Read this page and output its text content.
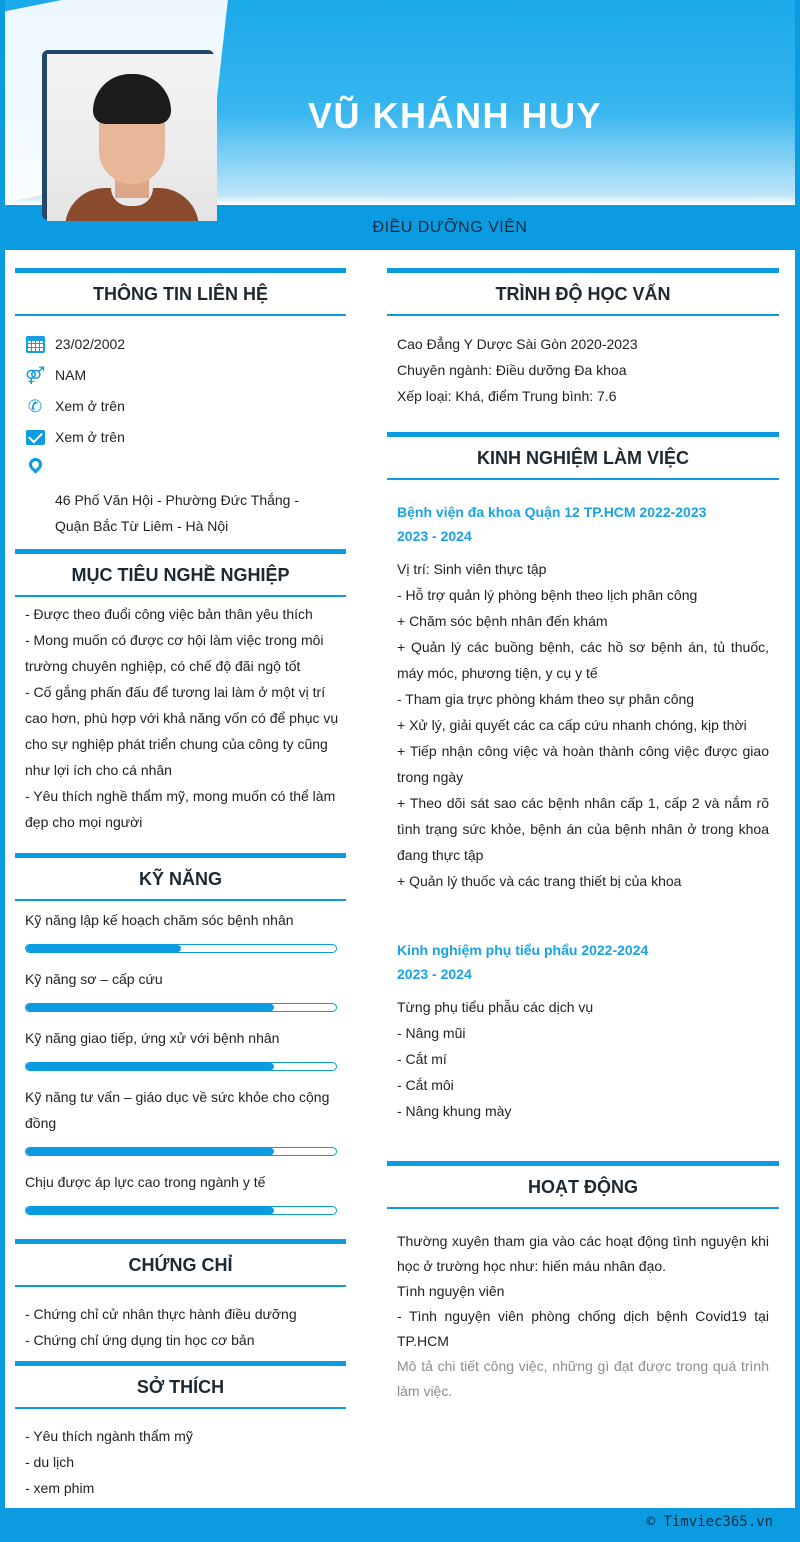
VŨ KHÁNH HUY
ĐIỀU DƯỠNG VIÊN
THÔNG TIN LIÊN HỆ
23/02/2002
⚤ NAM
✆ Xem ở trên
Xem ở trên
46 Phố Văn Hội - Phường Đức Thắng -
Quận Bắc Từ Liêm - Hà Nội
MỤC TIÊU NGHỀ NGHIỆP
- Được theo đuổi công việc bản thân yêu thích
- Mong muốn có được cơ hội làm việc trong môi
trường chuyên nghiệp, có chế độ đãi ngộ tốt
- Cố gắng phấn đấu để tương lai làm ở một vị trí
cao hơn, phù hợp với khả năng vốn có để phục vụ
cho sự nghiệp phát triển chung của công ty cũng
như lợi ích cho cá nhân
- Yêu thích nghề thẩm mỹ, mong muốn có thể làm
đẹp cho mọi người
KỸ NĂNG
Kỹ năng lập kế hoạch chăm sóc bệnh nhân
Kỹ năng sơ – cấp cứu
Kỹ năng giao tiếp, ứng xử với bệnh nhân
Kỹ năng tư vấn – giáo dục về sức khỏe cho cộng
đồng
Chịu được áp lực cao trong ngành y tế
CHỨNG CHỈ
- Chứng chỉ cử nhân thực hành điều dưỡng
- Chứng chỉ ứng dụng tin học cơ bản
SỞ THÍCH
- Yêu thích ngành thẩm mỹ
- du lịch
- xem phim
TRÌNH ĐỘ HỌC VẤN
Cao Đẳng Y Dược Sài Gòn 2020-2023
Chuyên ngành: Điều dưỡng Đa khoa
Xếp loại: Khá, điểm Trung bình: 7.6
KINH NGHIỆM LÀM VIỆC
Bệnh viện đa khoa Quận 12 TP.HCM 2022-2023
2023 - 2024
Vị trí: Sinh viên thực tập
- Hỗ trợ quản lý phòng bệnh theo lịch phân công
+ Chăm sóc bệnh nhân đến khám
+ Quản lý các buồng bệnh, các hồ sơ bệnh án, tủ thuốc, máy móc, phương tiện, y cụ y tế
- Tham gia trực phòng khám theo sự phân công
+ Xử lý, giải quyết các ca cấp cứu nhanh chóng, kịp thời
+ Tiếp nhận công việc và hoàn thành công việc được giao trong ngày
+ Theo dõi sát sao các bệnh nhân cấp 1, cấp 2 và nắm rõ tình trạng sức khỏe, bệnh án của bệnh nhân ở trong khoa đang thực tập
+ Quản lý thuốc và các trang thiết bị của khoa
Kinh nghiệm phụ tiểu phẩu 2022-2024
2023 - 2024
Từng phụ tiểu phẫu các dịch vụ
- Nâng mũi
- Cắt mí
- Cắt môi
- Nâng khung mày
HOẠT ĐỘNG
Thường xuyên tham gia vào các hoạt động tình nguyện khi học ở trường học như: hiến máu nhân đạo.
Tình nguyện viên
- Tình nguyện viên phòng chống dịch bệnh Covid19 tại TP.HCM
Mô tả chi tiết công việc, những gì đạt được trong quá trình làm việc.
© Timviec365.vn
